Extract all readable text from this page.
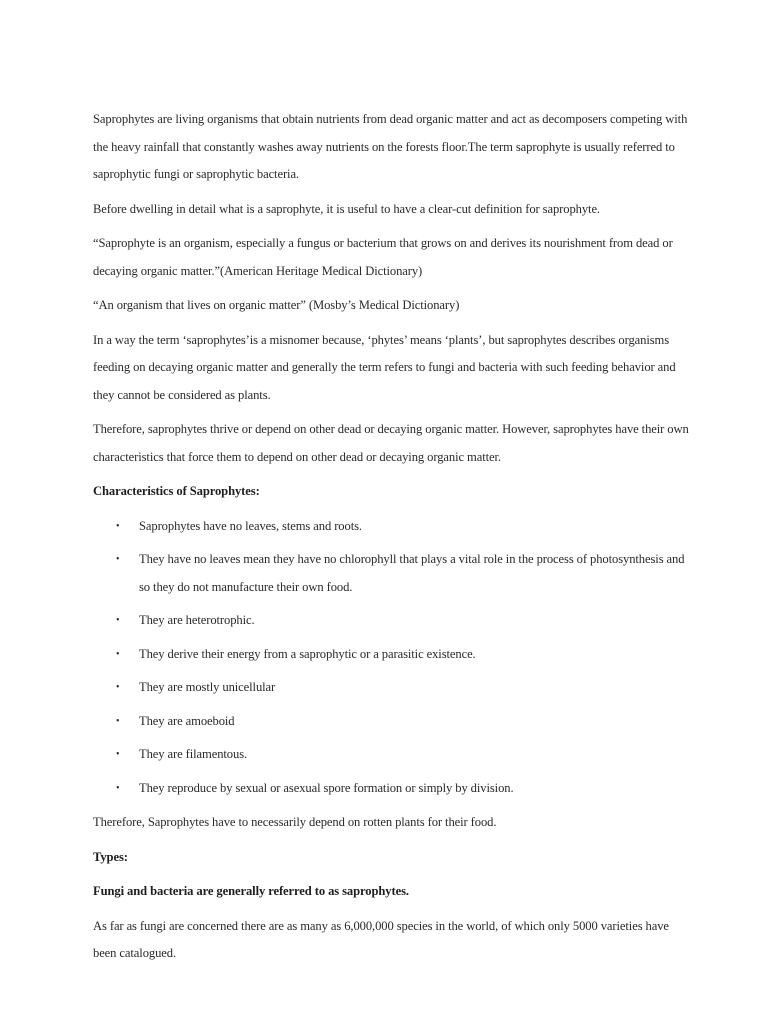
Saprophytes are living organisms that obtain nutrients from dead organic matter and act as decomposers competing with the heavy rainfall that constantly washes away nutrients on the forests floor.The term saprophyte is usually referred to saprophytic fungi or saprophytic bacteria.

Before dwelling in detail what is a saprophyte, it is useful to have a clear-cut definition for saprophyte.

“Saprophyte is an organism, especially a fungus or bacterium that grows on and derives its nourishment from dead or decaying organic matter.”(American Heritage Medical Dictionary)

“An organism that lives on organic matter” (Mosby’s Medical Dictionary)

In a way the term ‘saprophytes’is a misnomer because, ‘phytes’ means ‘plants’, but saprophytes describes organisms feeding on decaying organic matter and generally the term refers to fungi and bacteria with such feeding behavior and they cannot be considered as plants.

Therefore, saprophytes thrive or depend on other dead or decaying organic matter. However, saprophytes have their own characteristics that force them to depend on other dead or decaying organic matter.

Characteristics of Saprophytes:

• Saprophytes have no leaves, stems and roots.
• They have no leaves mean they have no chlorophyll that plays a vital role in the process of photosynthesis and so they do not manufacture their own food.
• They are heterotrophic.
• They derive their energy from a saprophytic or a parasitic existence.
• They are mostly unicellular
• They are amoeboid
• They are filamentous.
• They reproduce by sexual or asexual spore formation or simply by division.

Therefore, Saprophytes have to necessarily depend on rotten plants for their food.

Types:

Fungi and bacteria are generally referred to as saprophytes.

As far as fungi are concerned there are as many as 6,000,000 species in the world, of which only 5000 varieties have been catalogued.
